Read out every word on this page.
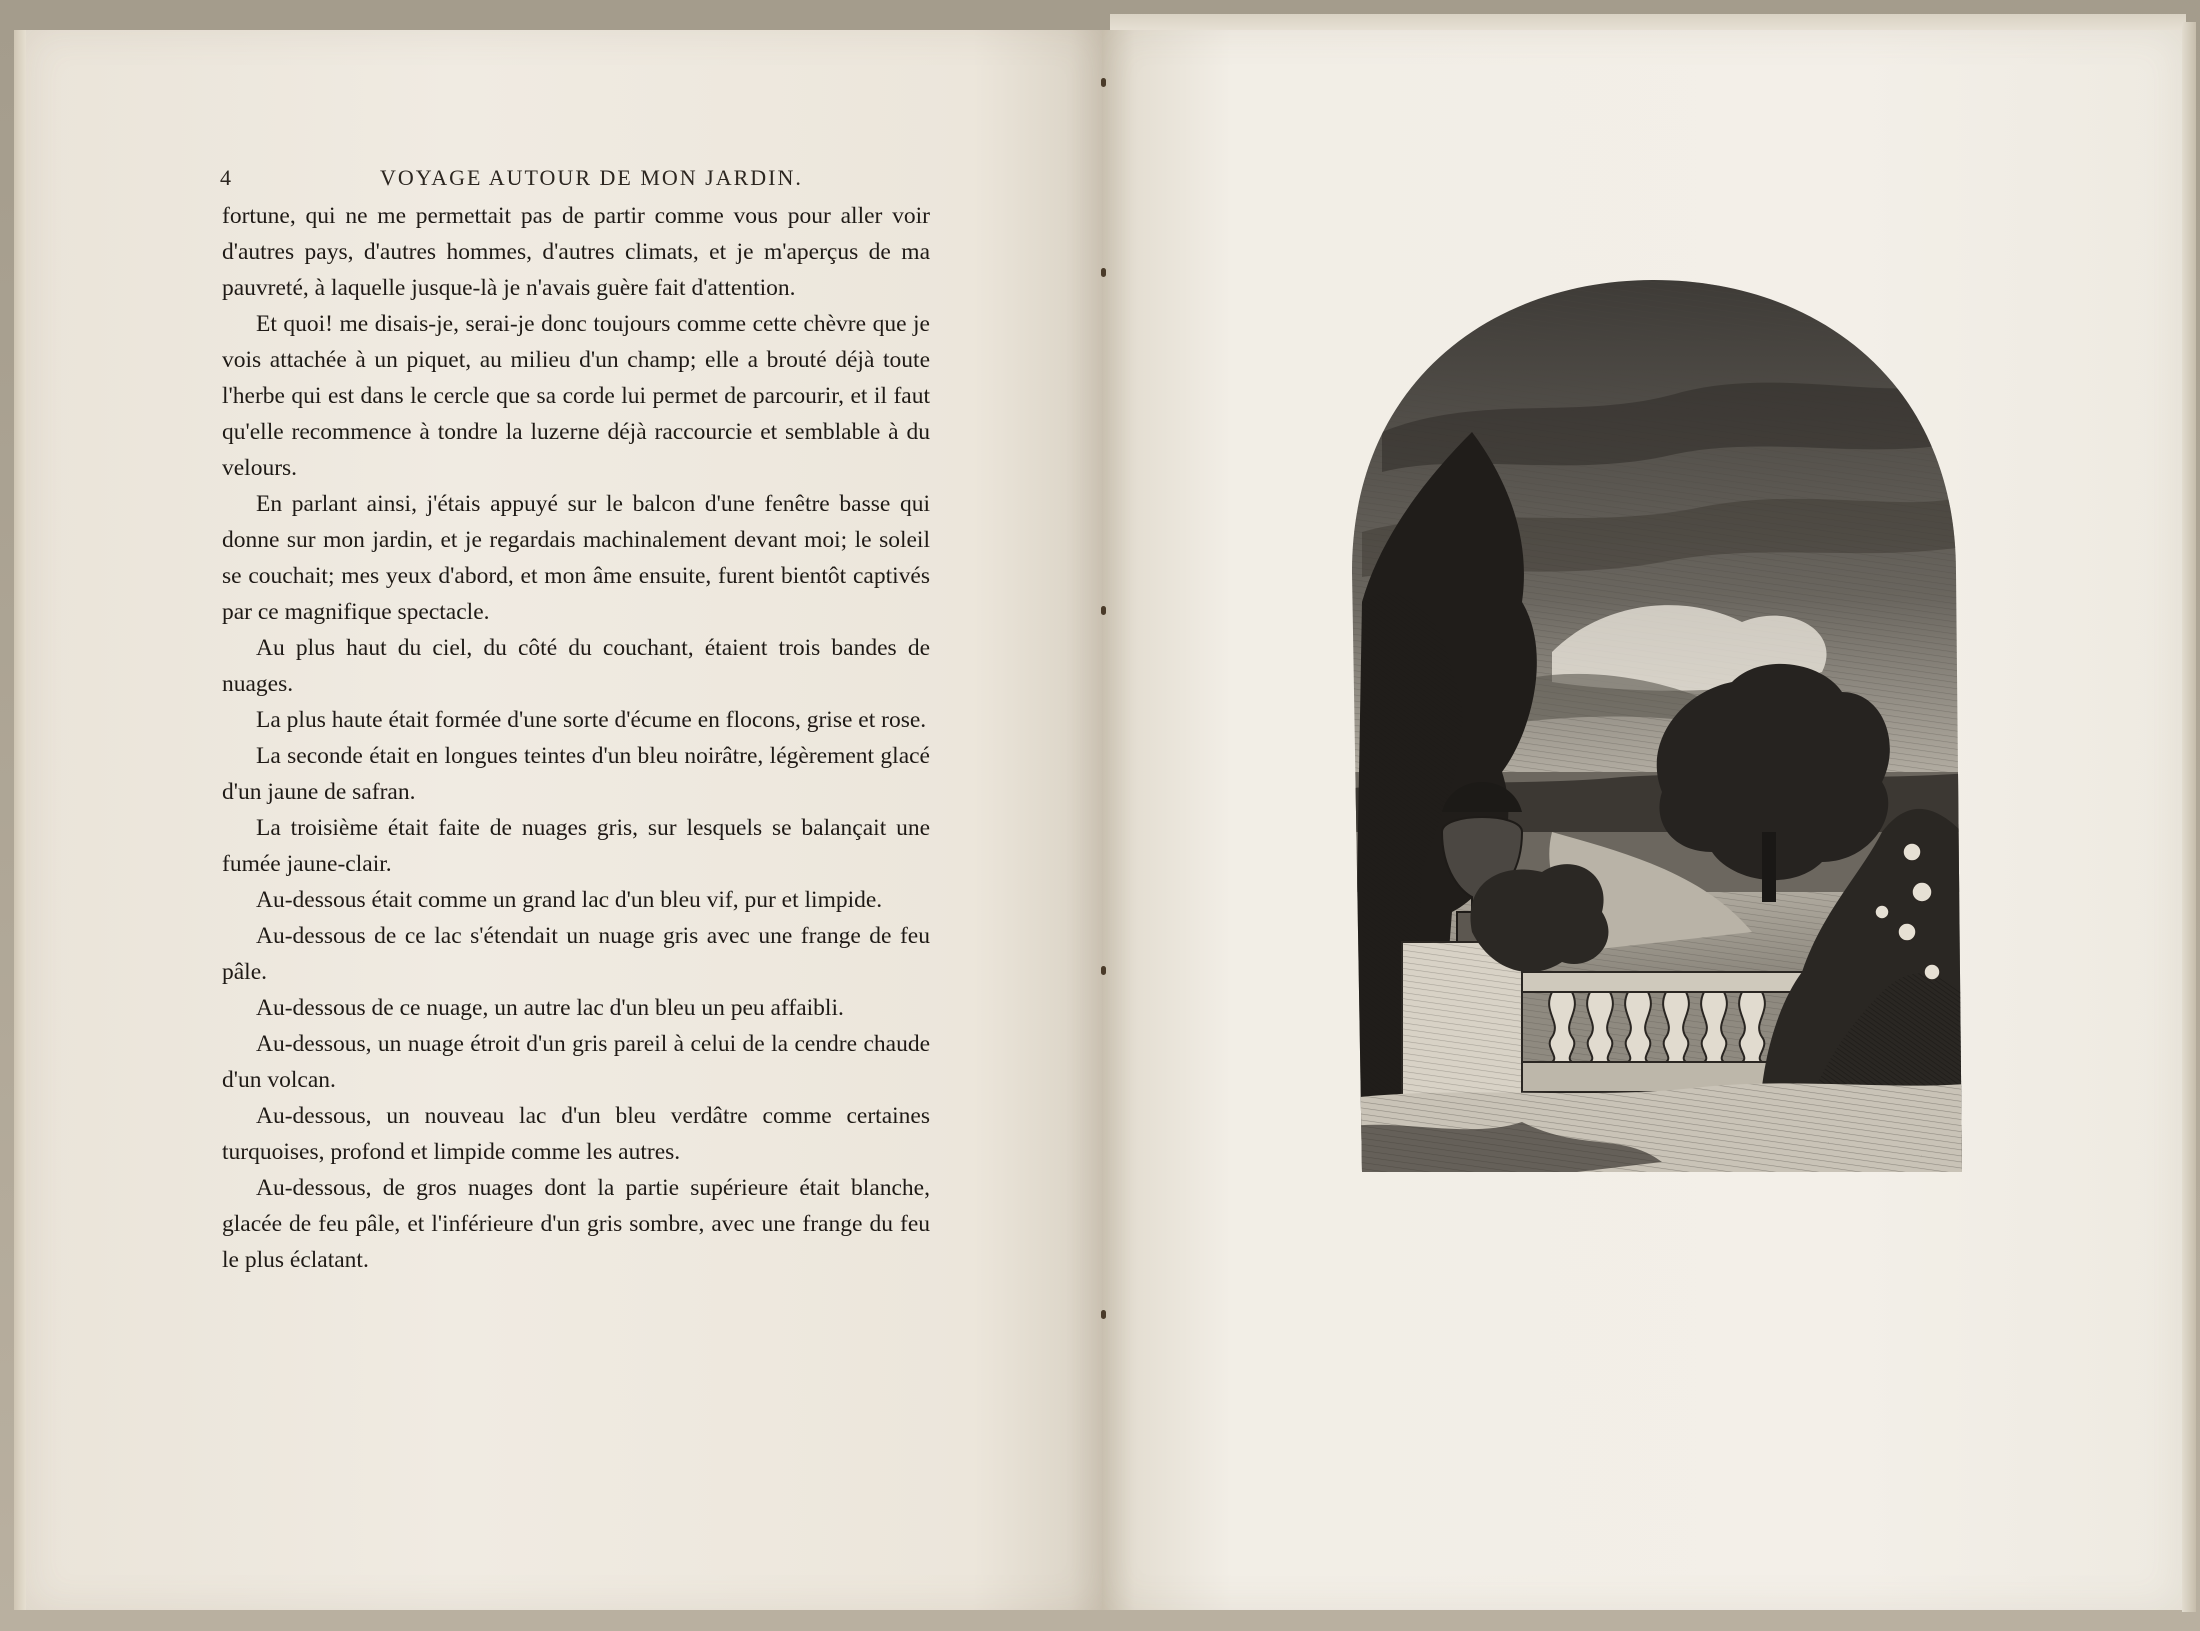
4	VOYAGE AUTOUR DE MON JARDIN.

fortune, qui ne me permettait pas de partir comme vous pour aller voir d'autres pays, d'autres hommes, d'autres climats, et je m'aperçus de ma pauvreté, à laquelle jusque-là je n'avais guère fait d'attention.

Et quoi! me disais-je, serai-je donc toujours comme cette chèvre que je vois attachée à un piquet, au milieu d'un champ; elle a brouté déjà toute l'herbe qui est dans le cercle que sa corde lui permet de parcourir, et il faut qu'elle recommence à tondre la luzerne déjà raccourcie et semblable à du velours.

En parlant ainsi, j'étais appuyé sur le balcon d'une fenêtre basse qui donne sur mon jardin, et je regardais machinalement devant moi; le soleil se couchait; mes yeux d'abord, et mon âme ensuite, furent bientôt captivés par ce magnifique spectacle.

Au plus haut du ciel, du côté du couchant, étaient trois bandes de nuages.

La plus haute était formée d'une sorte d'écume en flocons, grise et rose.

La seconde était en longues teintes d'un bleu noirâtre, légèrement glacé d'un jaune de safran.

La troisième était faite de nuages gris, sur lesquels se balançait une fumée jaune-clair.

Au-dessous était comme un grand lac d'un bleu vif, pur et limpide.

Au-dessous de ce lac s'étendait un nuage gris avec une frange de feu pâle.

Au-dessous de ce nuage, un autre lac d'un bleu un peu affaibli.

Au-dessous, un nuage étroit d'un gris pareil à celui de la cendre chaude d'un volcan.

Au-dessous, un nouveau lac d'un bleu verdâtre comme certaines turquoises, profond et limpide comme les autres.

Au-dessous, de gros nuages dont la partie supérieure était blanche, glacée de feu pâle, et l'inférieure d'un gris sombre, avec une frange du feu le plus éclatant.
